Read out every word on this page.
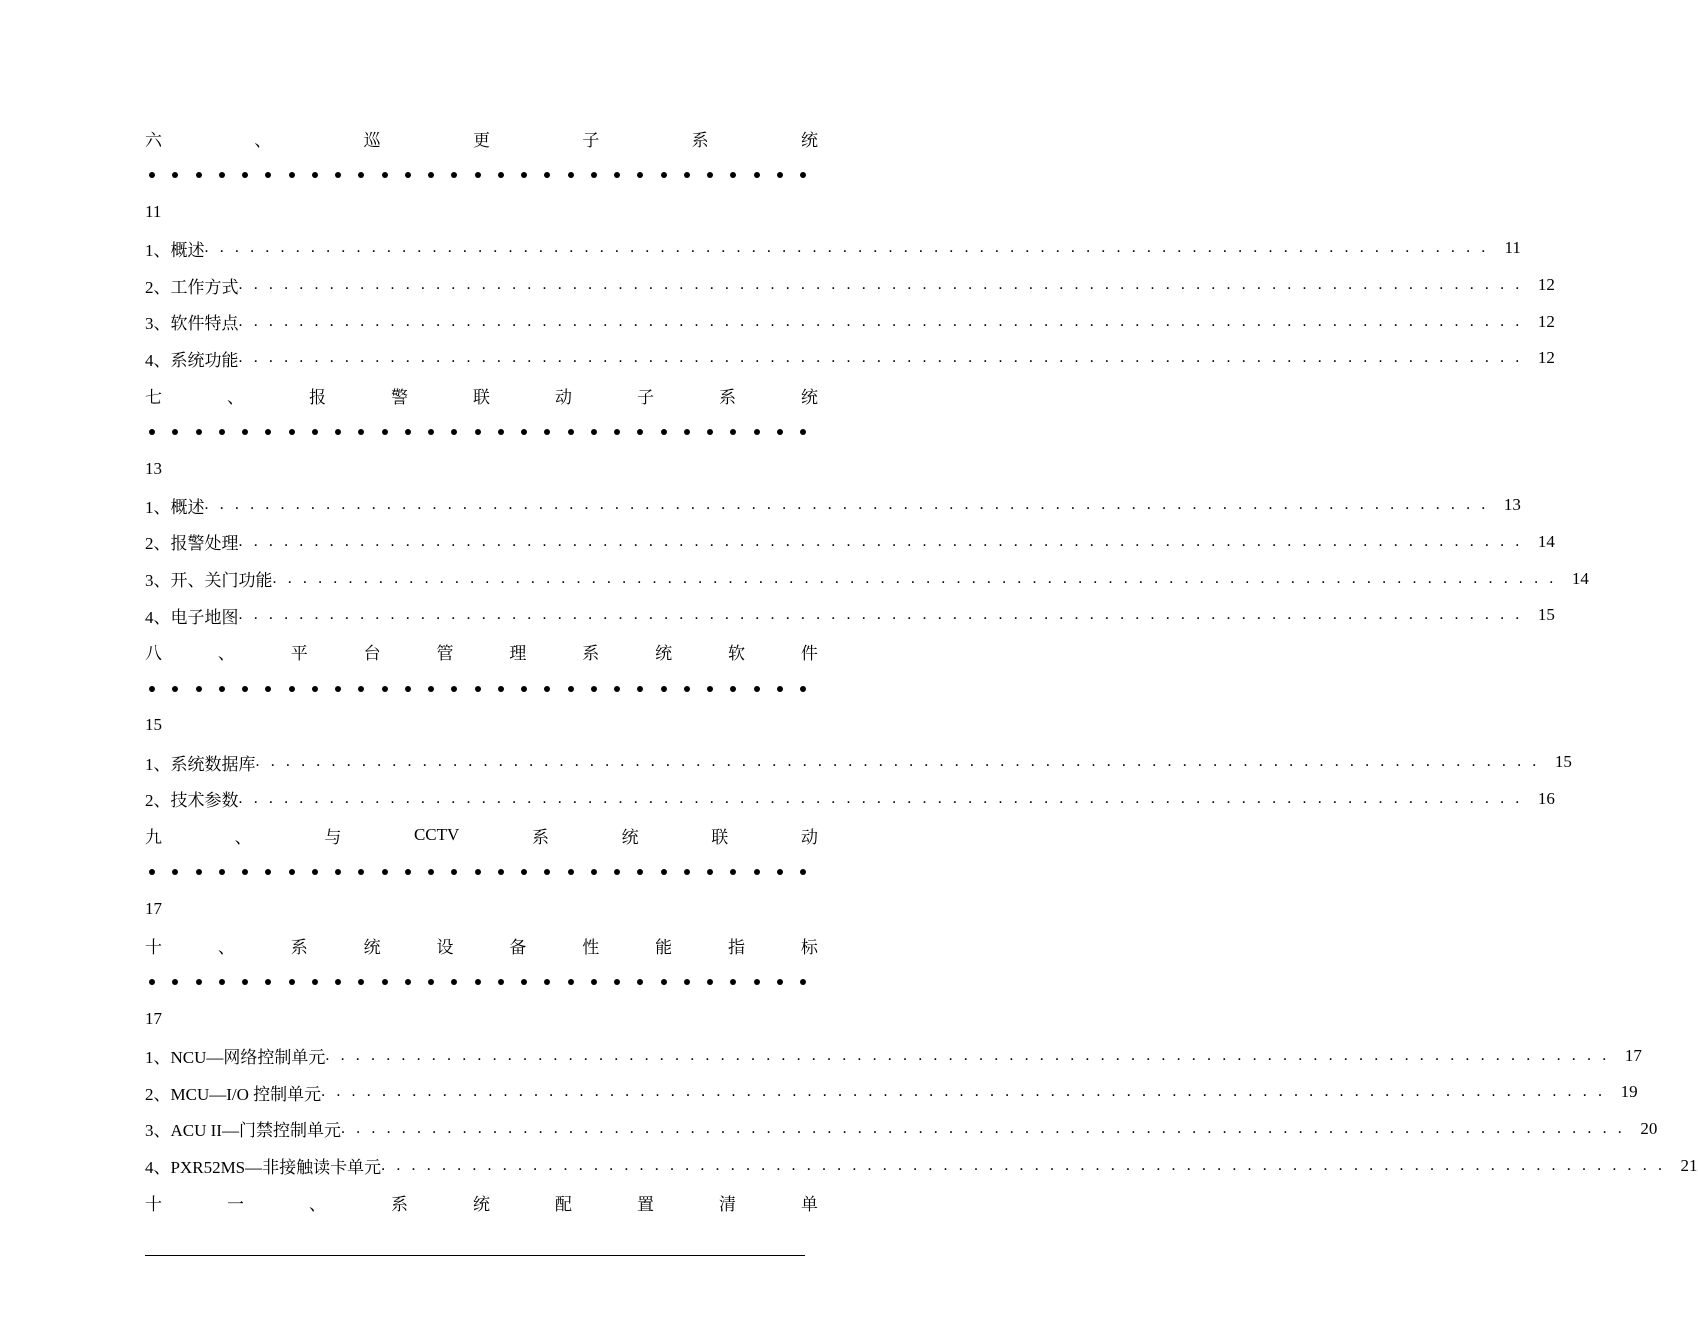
六	、	巡	更	子	系	统
11
1、概述 . . . . . . . . . . . . . . . . . . . . . . . . . . . . . . . . . . . . . . . . . . . . . . . . . . . . . . . . . . . . . . . . . . . . . . . . . . . . . . . . . . . . . 11
2、工作方式 . . . . . . . . . . . . . . . . . . . . . . . . . . . . . . . . . . . . . . . . . . . . . . . . . . . . . . . . . . . . . . . . . . . . . . . . . . . . . . . . . . . . . 12
3、软件特点 . . . . . . . . . . . . . . . . . . . . . . . . . . . . . . . . . . . . . . . . . . . . . . . . . . . . . . . . . . . . . . . . . . . . . . . . . . . . . . . . . . . . . 12
4、系统功能 . . . . . . . . . . . . . . . . . . . . . . . . . . . . . . . . . . . . . . . . . . . . . . . . . . . . . . . . . . . . . . . . . . . . . . . . . . . . . . . . . . . . . 12
七	、	报	警	联	动	子	系	统
13
1、概述 . . . . . . . . . . . . . . . . . . . . . . . . . . . . . . . . . . . . . . . . . . . . . . . . . . . . . . . . . . . . . . . . . . . . . . . . . . . . . . . . . . . . . 13
2、报警处理 . . . . . . . . . . . . . . . . . . . . . . . . . . . . . . . . . . . . . . . . . . . . . . . . . . . . . . . . . . . . . . . . . . . . . . . . . . . . . . . . . . . . . 14
3、开、关门功能 . . . . . . . . . . . . . . . . . . . . . . . . . . . . . . . . . . . . . . . . . . . . . . . . . . . . . . . . . . . . . . . . . . . . . . . . . . . . . . . . . . . . . 14
4、电子地图 . . . . . . . . . . . . . . . . . . . . . . . . . . . . . . . . . . . . . . . . . . . . . . . . . . . . . . . . . . . . . . . . . . . . . . . . . . . . . . . . . . . . . 15
八	、	平	台	管	理	系	统	软	件
15
1、系统数据库 . . . . . . . . . . . . . . . . . . . . . . . . . . . . . . . . . . . . . . . . . . . . . . . . . . . . . . . . . . . . . . . . . . . . . . . . . . . . . . . . . . . . . 15
2、技术参数 . . . . . . . . . . . . . . . . . . . . . . . . . . . . . . . . . . . . . . . . . . . . . . . . . . . . . . . . . . . . . . . . . . . . . . . . . . . . . . . . . . . . . 16
九	、	与	CCTV	系	统	联	动
17
十	、	系	统	设	备	性	能	指	标
17
1、NCU—网络控制单元 . . . . . . . . . . . . . . . . . . . . . . . . . . . . . . . . . . . . . . . . . . . . . . . . . . . . . . . . . . . . . . . . . . . . . . . . . . . . . . . . . . . . . 17
2、MCU—I/O 控制单元 . . . . . . . . . . . . . . . . . . . . . . . . . . . . . . . . . . . . . . . . . . . . . . . . . . . . . . . . . . . . . . . . . . . . . . . . . . . . . . . . . . . . . 19
3、ACU II—门禁控制单元 . . . . . . . . . . . . . . . . . . . . . . . . . . . . . . . . . . . . . . . . . . . . . . . . . . . . . . . . . . . . . . . . . . . . . . . . . . . . . . . . . . . . . 20
4、PXR52MS—非接触读卡单元 . . . . . . . . . . . . . . . . . . . . . . . . . . . . . . . . . . . . . . . . . . . . . . . . . . . . . . . . . . . . . . . . . . . . . . . . . . . . . . . . . . . . . 21
十	一	、	系	统	配	置	清	单
